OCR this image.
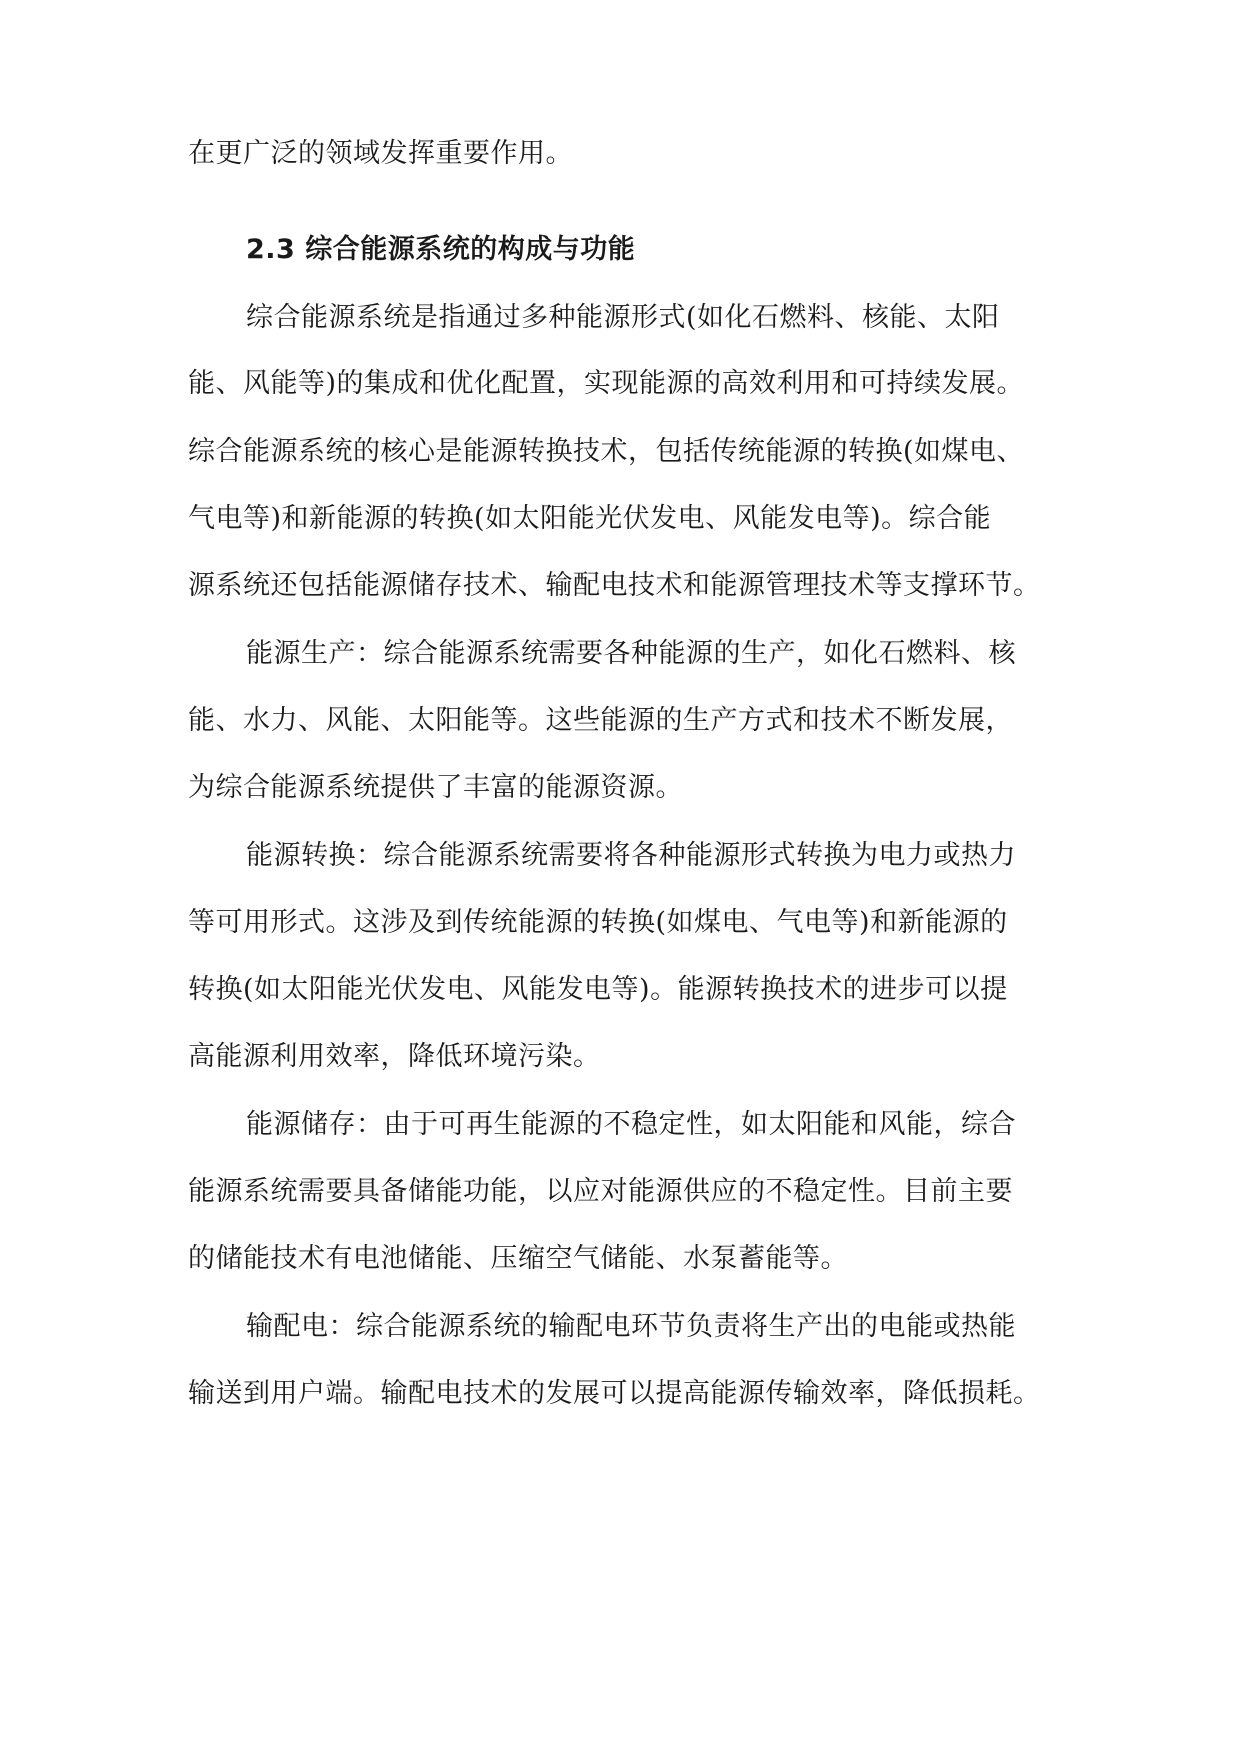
在更广泛的领域发挥重要作用。
2.3 综合能源系统的构成与功能
综合能源系统是指通过多种能源形式(如化石燃料、核能、太阳
能、风能等)的集成和优化配置，实现能源的高效利用和可持续发展。
综合能源系统的核心是能源转换技术，包括传统能源的转换(如煤电、
气电等)和新能源的转换(如太阳能光伏发电、风能发电等)。综合能
源系统还包括能源储存技术、输配电技术和能源管理技术等支撑环节。
能源生产：综合能源系统需要各种能源的生产，如化石燃料、核
能、水力、风能、太阳能等。这些能源的生产方式和技术不断发展，
为综合能源系统提供了丰富的能源资源。
能源转换：综合能源系统需要将各种能源形式转换为电力或热力
等可用形式。这涉及到传统能源的转换(如煤电、气电等)和新能源的
转换(如太阳能光伏发电、风能发电等)。能源转换技术的进步可以提
高能源利用效率，降低环境污染。
能源储存：由于可再生能源的不稳定性，如太阳能和风能，综合
能源系统需要具备储能功能，以应对能源供应的不稳定性。目前主要
的储能技术有电池储能、压缩空气储能、水泵蓄能等。
输配电：综合能源系统的输配电环节负责将生产出的电能或热能
输送到用户端。输配电技术的发展可以提高能源传输效率，降低损耗。
